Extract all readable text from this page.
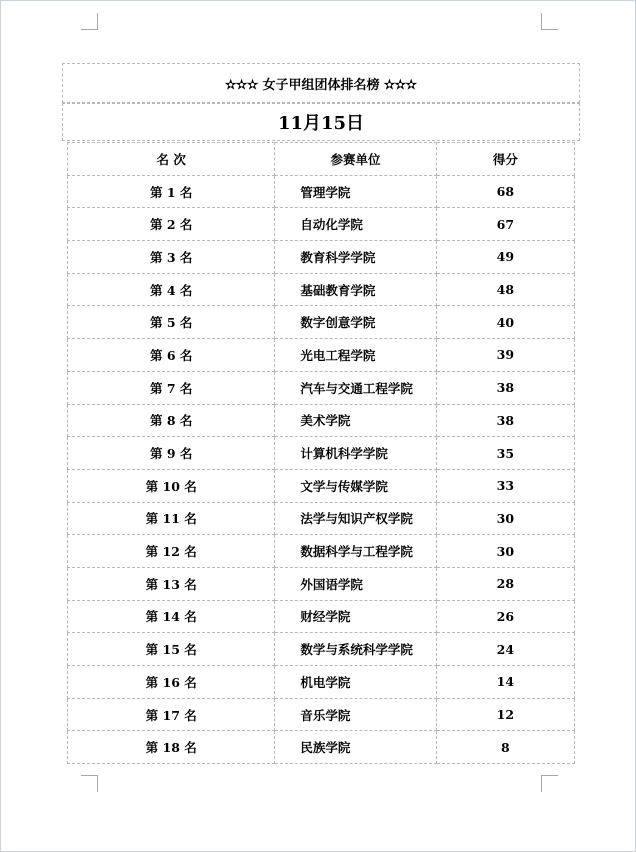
✫✫✫ 女子甲组团体排名榜 ✫✫✫
11月15日
名 次	参赛单位	得分
第 1 名	管理学院	68
第 2 名	自动化学院	67
第 3 名	教育科学学院	49
第 4 名	基础教育学院	48
第 5 名	数字创意学院	40
第 6 名	光电工程学院	39
第 7 名	汽车与交通工程学院	38
第 8 名	美术学院	38
第 9 名	计算机科学学院	35
第 10 名	文学与传媒学院	33
第 11 名	法学与知识产权学院	30
第 12 名	数据科学与工程学院	30
第 13 名	外国语学院	28
第 14 名	财经学院	26
第 15 名	数学与系统科学学院	24
第 16 名	机电学院	14
第 17 名	音乐学院	12
第 18 名	民族学院	8
